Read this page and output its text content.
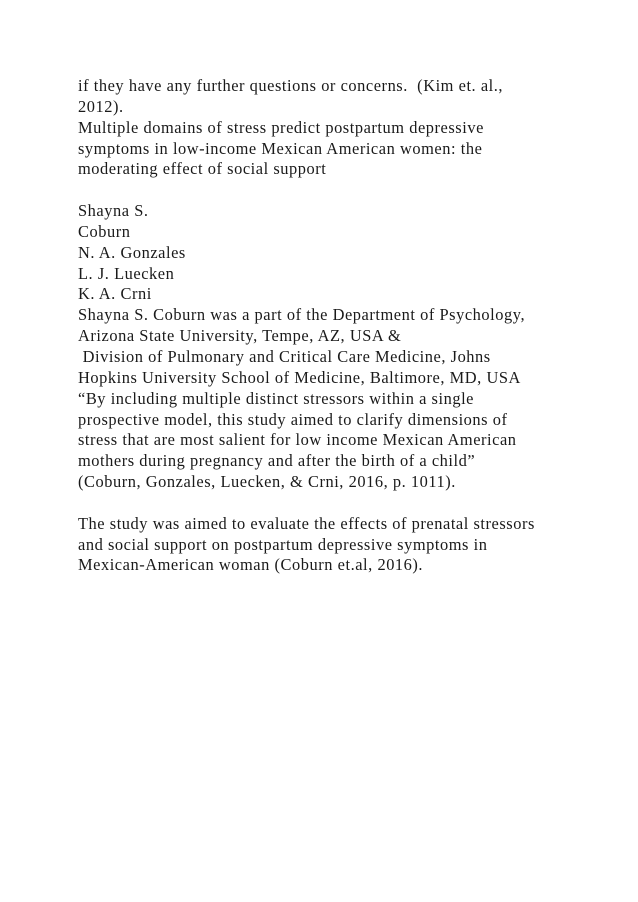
if they have any further questions or concerns.  (Kim et. al.,
2012).
Multiple domains of stress predict postpartum depressive
symptoms in low-income Mexican American women: the
moderating effect of social support
Shayna S.
Coburn
N. A. Gonzales
L. J. Luecken
K. A. Crni
Shayna S. Coburn was a part of the Department of Psychology,
Arizona State University, Tempe, AZ, USA &
Division of Pulmonary and Critical Care Medicine, Johns
Hopkins University School of Medicine, Baltimore, MD, USA
“By including multiple distinct stressors within a single
prospective model, this study aimed to clarify dimensions of
stress that are most salient for low income Mexican American
mothers during pregnancy and after the birth of a child”
(Coburn, Gonzales, Luecken, & Crni, 2016, p. 1011).
The study was aimed to evaluate the effects of prenatal stressors
and social support on postpartum depressive symptoms in
Mexican-American woman (Coburn et.al, 2016).
